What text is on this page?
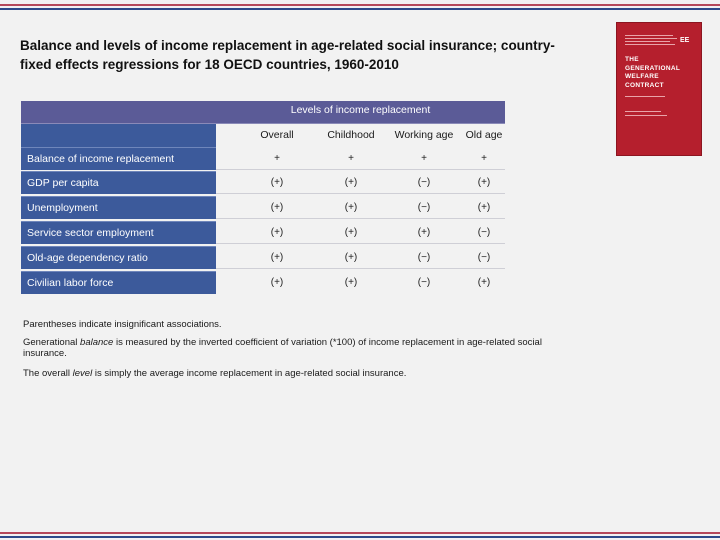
Balance and levels of income replacement in age-related social insurance; country-fixed effects regressions for 18 OECD countries, 1960-2010
EE
THE
GENERATIONAL
WELFARE
CONTRACT
Levels of income replacement
Overall	Childhood	Working age	Old age
Balance of income replacement	+	+	+	+
GDP per capita	(+)	(+)	(−)	(+)
Unemployment	(+)	(+)	(−)	(+)
Service sector employment	(+)	(+)	(+)	(−)
Old-age dependency ratio	(+)	(+)	(−)	(−)
Civilian labor force	(+)	(+)	(−)	(+)
Parentheses indicate insignificant associations.
Generational balance is measured by the inverted coefficient of variation (*100) of income replacement in age-related social insurance.
The overall level is simply the average income replacement in age-related social insurance.
